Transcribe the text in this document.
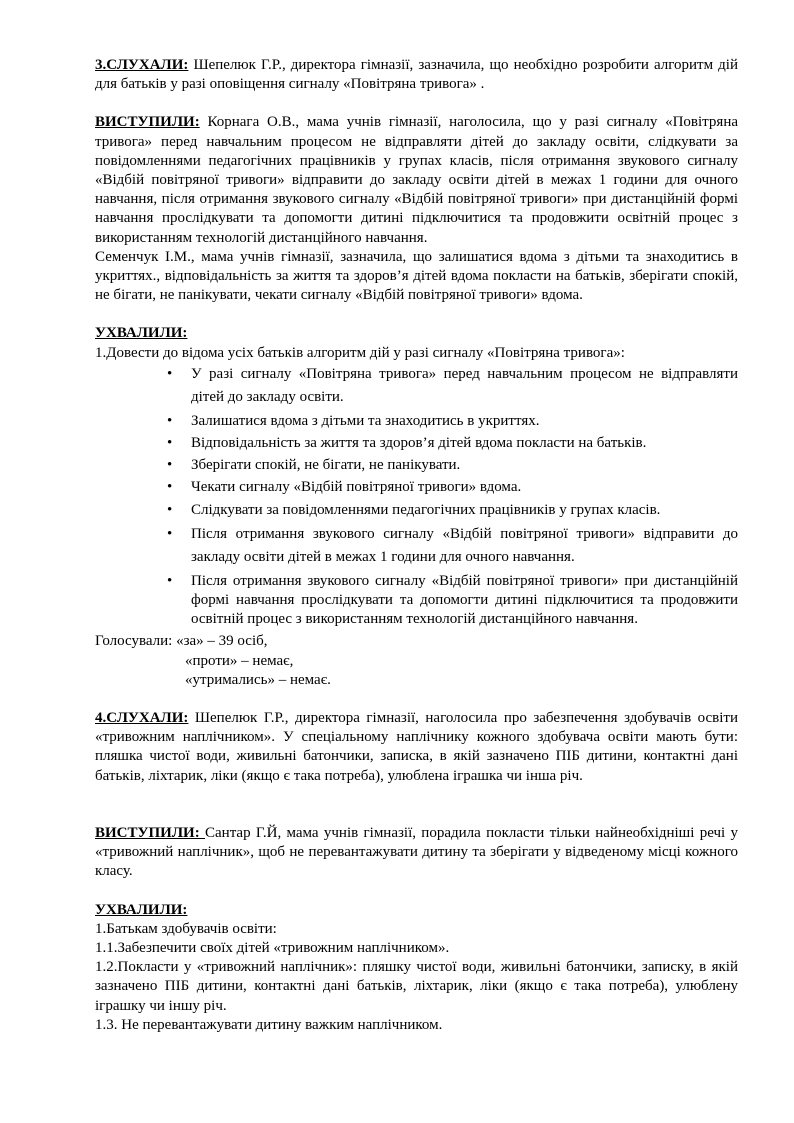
3.СЛУХАЛИ: Шепелюк Г.Р., директора гімназії, зазначила, що необхідно розробити алгоритм дій для батьків у разі оповіщення сигналу «Повітряна тривога» .

ВИСТУПИЛИ: Корнага О.В., мама учнів гімназії, наголосила, що у разі сигналу «Повітряна тривога» перед навчальним процесом не відправляти дітей до закладу освіти, слідкувати за повідомленнями педагогічних працівників у групах класів, після отримання звукового сигналу «Відбій повітряної тривоги» відправити до закладу освіти дітей в межах 1 години для очного навчання, після отримання звукового сигналу «Відбій повітряної тривоги» при дистанційній формі навчання прослідкувати та допомогти дитині підключитися та продовжити освітній процес з використанням технологій дистанційного навчання.

Семенчук І.М., мама учнів гімназії, зазначила, що залишатися вдома з дітьми та знаходитись в укриттях., відповідальність за життя та здоров’я дітей вдома покласти на батьків, зберігати спокій, не бігати, не панікувати, чекати сигналу «Відбій повітряної тривоги» вдома.

УХВАЛИЛИ:

1.Довести до відома усіх батьків алгоритм дій у разі сигналу «Повітряна тривога»:

• У разі сигналу «Повітряна тривога» перед навчальним процесом не відправляти дітей до закладу освіти.
• Залишатися вдома з дітьми та знаходитись в укриттях.
• Відповідальність за життя та здоров’я дітей вдома покласти на батьків.
• Зберігати спокій, не бігати, не панікувати.
• Чекати сигналу «Відбій повітряної тривоги» вдома.
• Слідкувати за повідомленнями педагогічних працівників у групах класів.
• Після отримання звукового сигналу «Відбій повітряної тривоги» відправити до закладу освіти дітей в межах 1 години для очного навчання.
• Після отримання звукового сигналу «Відбій повітряної тривоги» при дистанційній формі навчання прослідкувати та допомогти дитині підключитися та продовжити освітній процес з використанням технологій дистанційного навчання.
Голосували: «за» – 39 осіб,
«проти» – немає,
«утримались» – немає.

4.СЛУХАЛИ: Шепелюк Г.Р., директора гімназії, наголосила про забезпечення здобувачів освіти «тривожним наплічником». У спеціальному наплічнику кожного здобувача освіти мають бути: пляшка чистої води, живильні батончики, записка, в якій зазначено ПІБ дитини, контактні дані батьків, ліхтарик, ліки (якщо є така потреба), улюблена іграшка чи інша річ.

ВИСТУПИЛИ: Сантар Г.Й, мама учнів гімназії, порадила покласти тільки найнеобхідніші речі у «тривожний наплічник», щоб не перевантажувати дитину та зберігати у відведеному місці кожного класу.

УХВАЛИЛИ:

1.Батькам здобувачів освіти:

1.1.Забезпечити своїх дітей «тривожним наплічником».

1.2.Покласти у «тривожний наплічник»: пляшку чистої води, живильні батончики, записку, в якій зазначено ПІБ дитини, контактні дані батьків, ліхтарик, ліки (якщо є така потреба), улюблену іграшку чи іншу річ.

1.3. Не перевантажувати дитину важким наплічником.
